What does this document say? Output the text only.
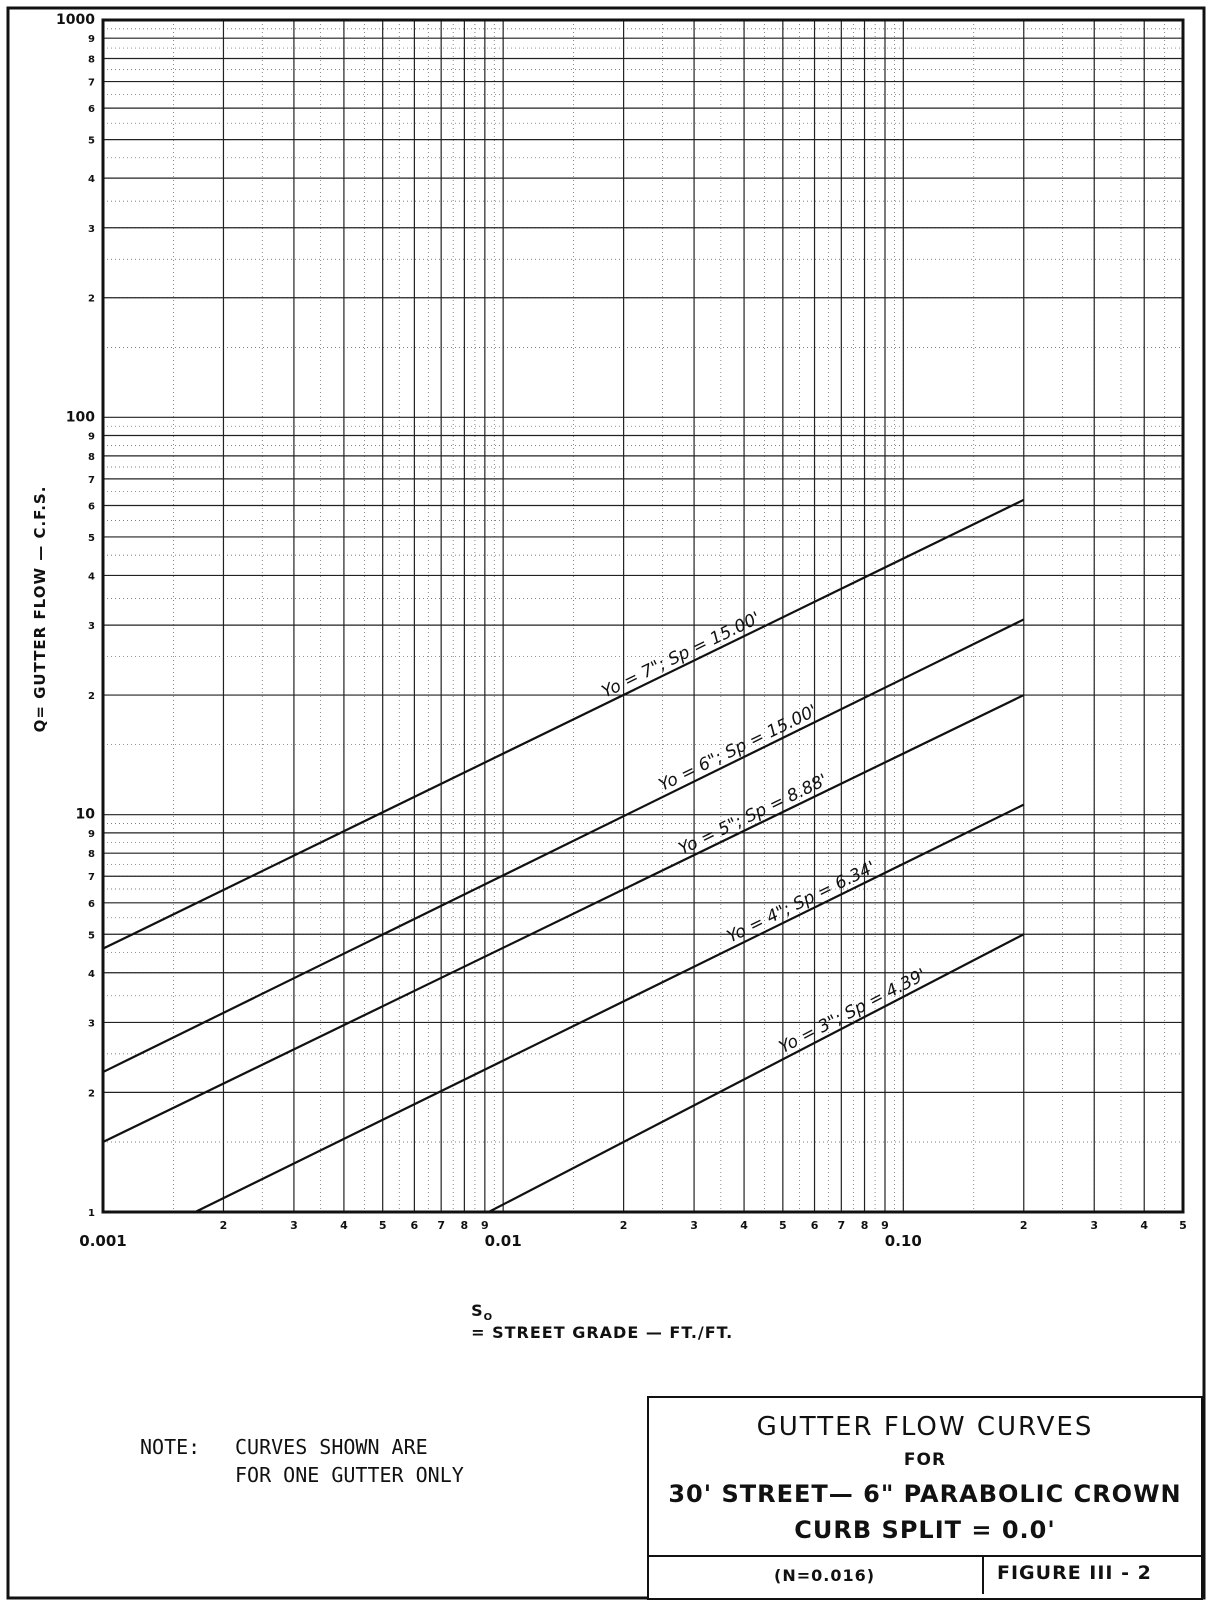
0.001	0.01	0.10
2	3	4	5 6 7 8 9	2	3	4	5 6 7 8 9	2	3	4	5
1
2
3
4
5
6
7
8
9
10
2
3
4
5
6
7
8
9
100
2
3
4
5
6
7
8
9
1000
Yo = 7"; Sp = 15.00'
Yo = 6"; Sp = 15.00'
Yo = 5"; Sp = 8.88'
Yo = 4"; Sp = 6.34'
Yo = 3"; Sp = 4.39'
Q= GUTTER FLOW — C.F.S.

$S_O$
= STREET GRADE — FT./FT.

NOTE: CURVES SHOWN ARE
FOR ONE GUTTER ONLY
GUTTER FLOW CURVES
FOR
30' STREET— 6" PARABOLIC CROWN
CURB SPLIT = 0.0'
(N=0.016)	FIGURE III - 2
